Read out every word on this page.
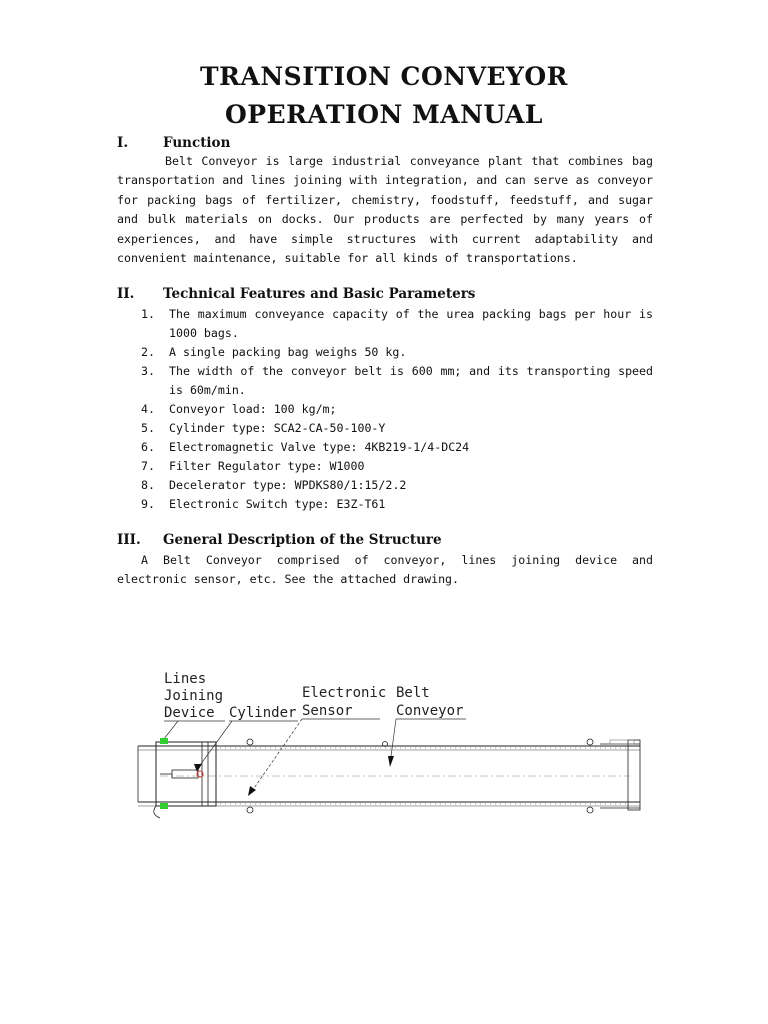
TRANSITION CONVEYOR
OPERATION MANUAL
I.	Function
Belt Conveyor is large industrial conveyance plant that combines bag transportation and lines joining with integration, and can serve as conveyor for packing bags of fertilizer, chemistry, foodstuff, feedstuff, and sugar and bulk materials on docks. Our products are perfected by many years of experiences, and have simple structures with current adaptability and convenient maintenance, suitable for all kinds of transportations.
II. Technical Features and Basic Parameters
1. The maximum conveyance capacity of the urea packing bags per hour is 1000 bags.
2. A single packing bag weighs 50 kg.
3. The width of the conveyor belt is 600 mm; and its transporting speed is 60m/min.
4. Conveyor load: 100 kg/m;
5. Cylinder type: SCA2-CA-50-100-Y
6. Electromagnetic Valve type: 4KB219-1/4-DC24
7. Filter Regulator type: W1000
8. Decelerator type: WPDKS80/1:15/2.2
9. Electronic Switch type: E3Z-T61
III. General Description of the Structure
A Belt Conveyor comprised of conveyor, lines joining device and electronic sensor, etc. See the attached drawing.
Lines
Joining
Device Cylinder
Electronic
Sensor
Belt
Conveyor
